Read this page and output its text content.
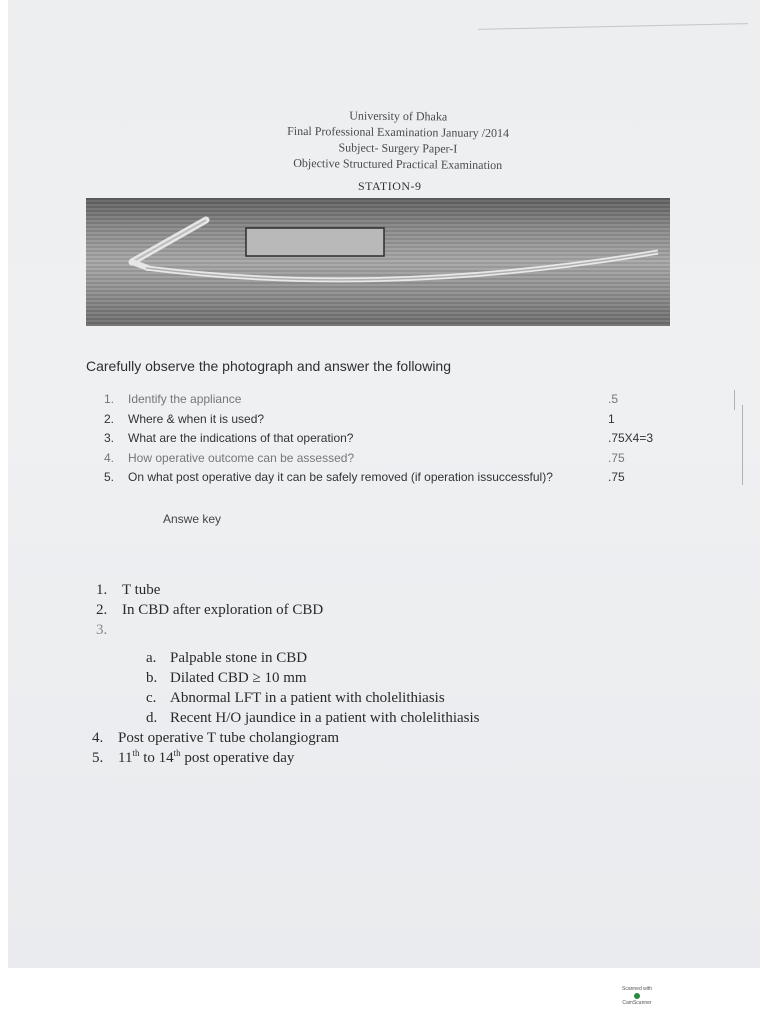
University of Dhaka
Final Professional Examination January /2014
Subject- Surgery Paper-I
Objective Structured Practical Examination
STATION-9
Carefully observe the photograph and answer the following
1.	Identify the appliance	.5
2.	Where & when it is used?	1
3.	What are the indications of that operation?	.75X4=3
4.	How operative outcome can be assessed?	.75
5.	On what post operative day it can be safely removed (if operation issuccessful)?	.75
Answe key
1. T tube
2. In CBD after exploration of CBD
3.
a. Palpable stone in CBD
b. Dilated CBD ≥ 10 mm
c. Abnormal LFT in a patient with cholelithiasis
d. Recent H/O jaundice in a patient with cholelithiasis
4. Post operative T tube cholangiogram
5. 11th to 14th post operative day
Scanned with
CamScanner
